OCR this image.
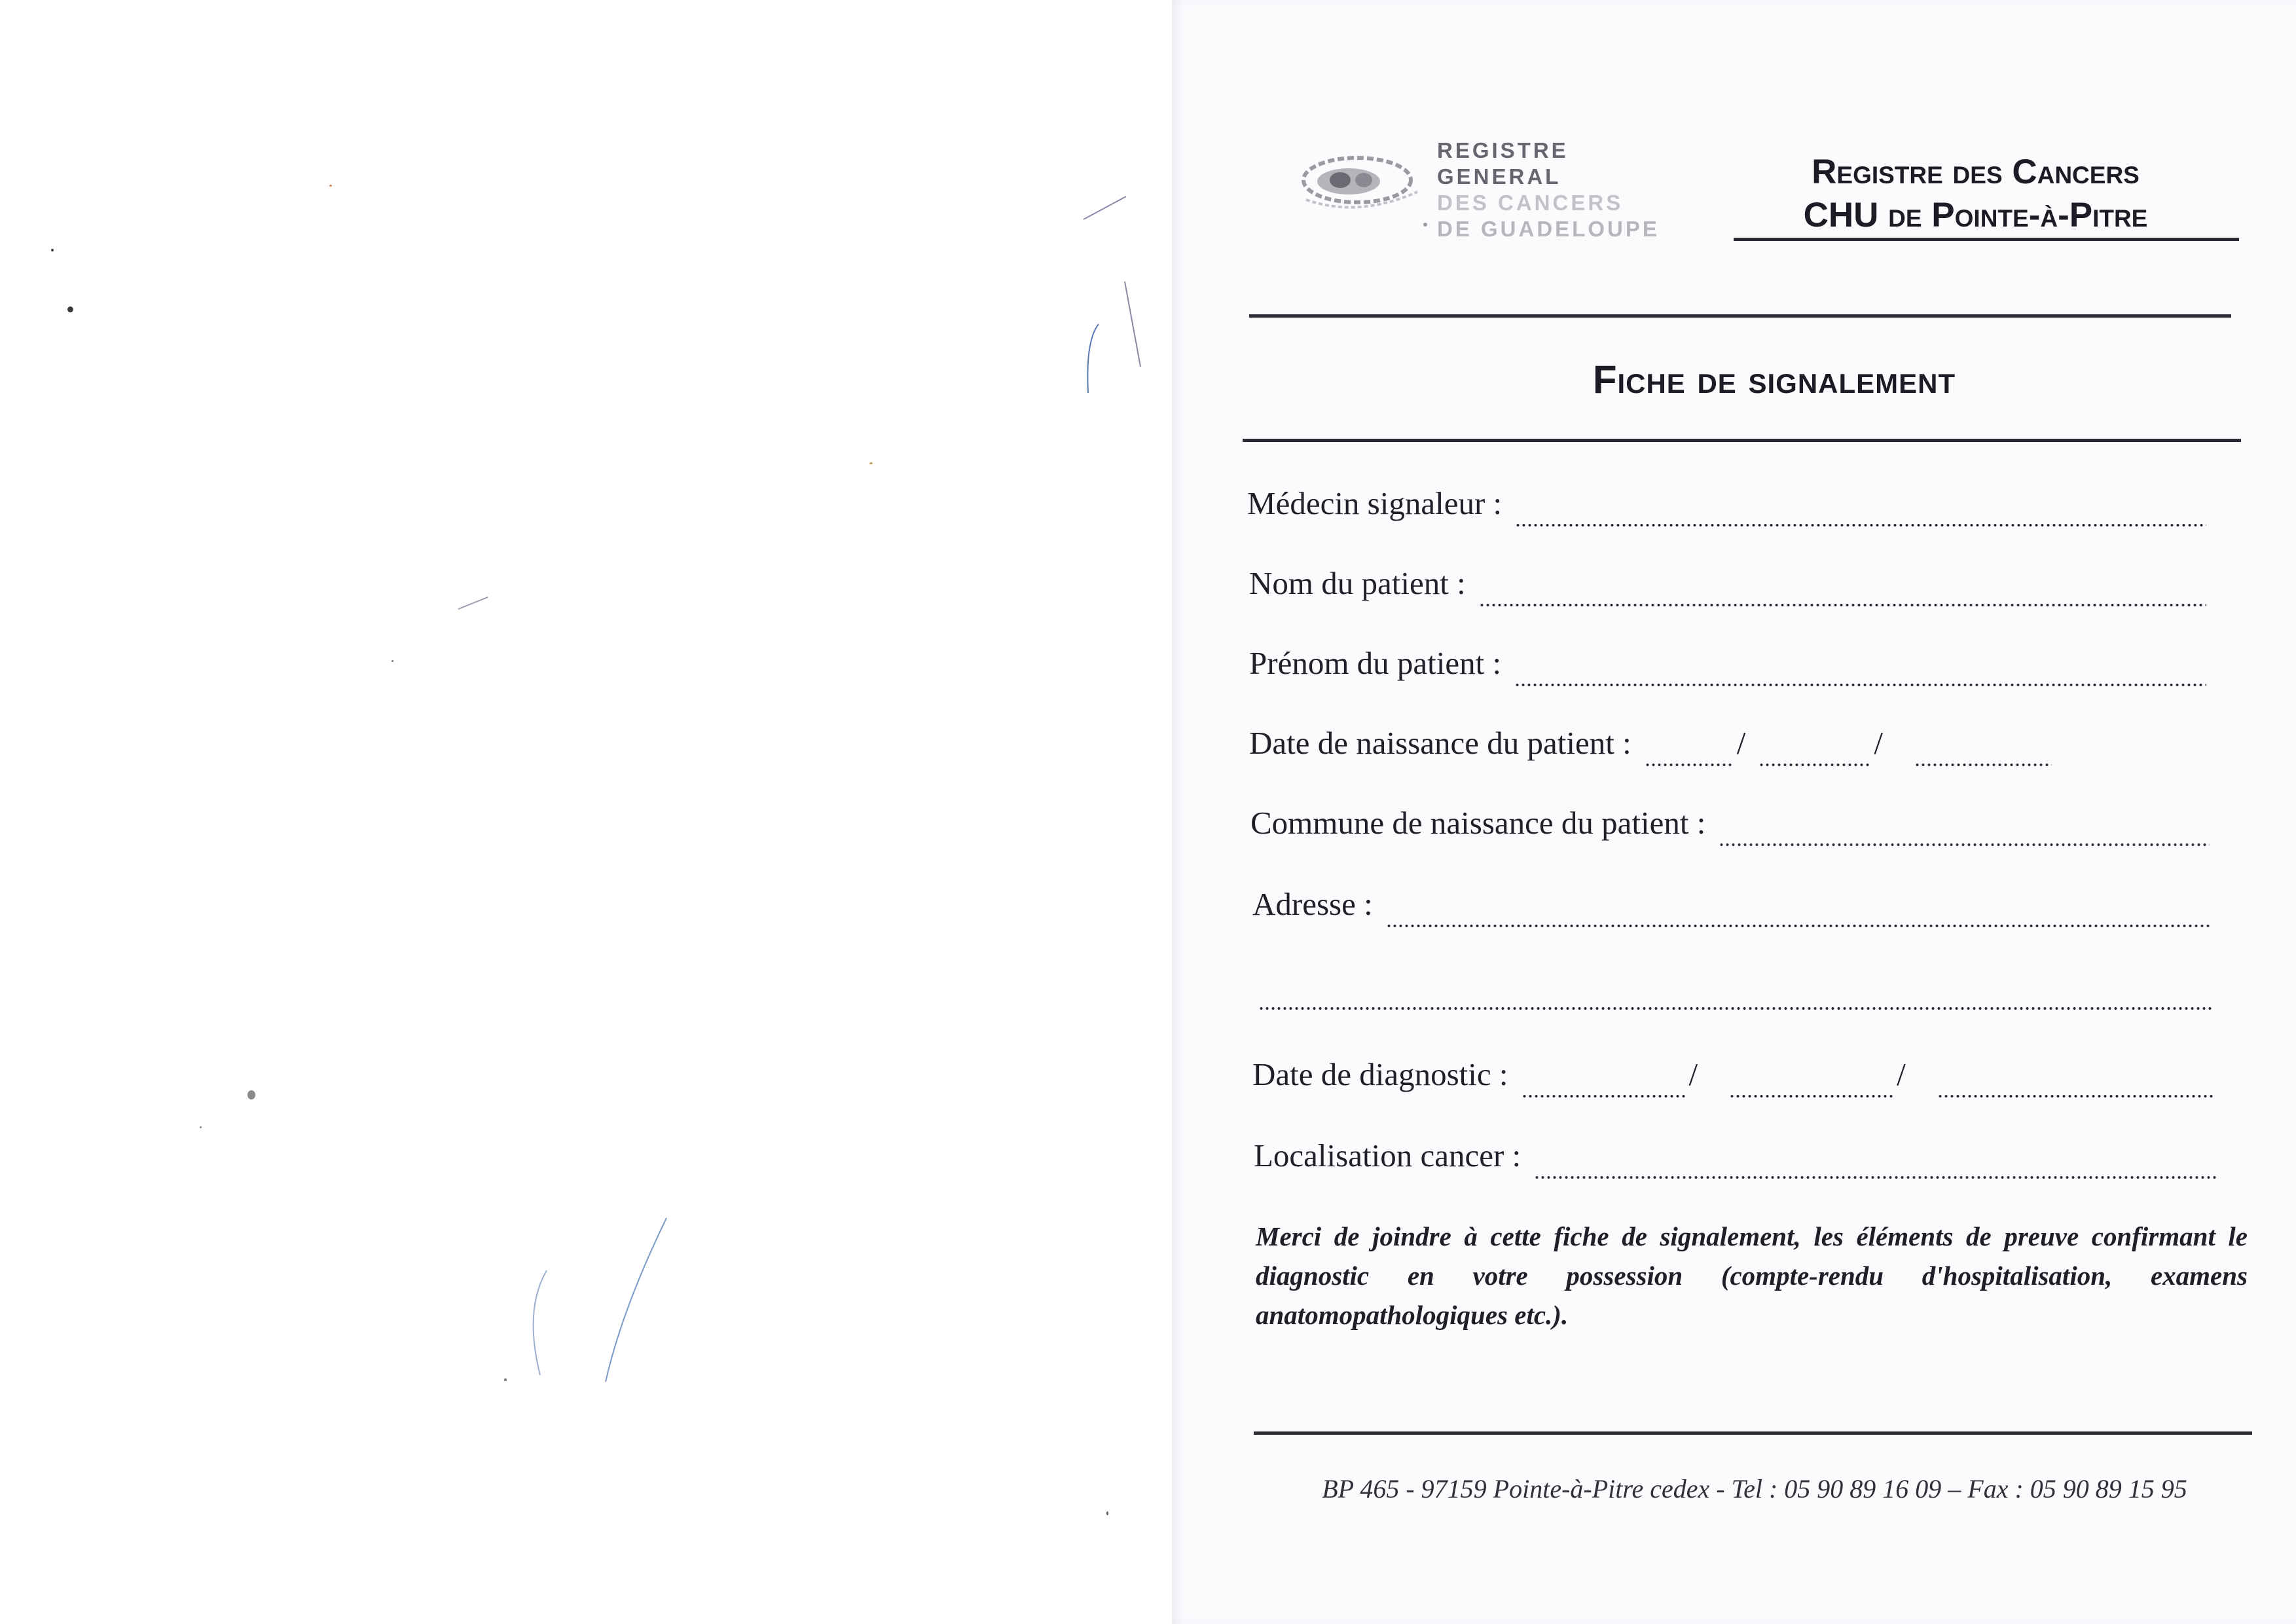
REGISTRE
GENERAL
DES CANCERS
DE GUADELOUPE
Registre des Cancers
CHU de Pointe-à-Pitre
Fiche de signalement
Médecin signaleur :
Nom du patient :
Prénom du patient :
Date de naissance du patient :	/	/
Commune de naissance du patient :
Adresse :
Date de diagnostic :	/	/
Localisation cancer :
Merci de joindre à cette fiche de signalement, les éléments de preuve confirmant le diagnostic en votre possession (compte-rendu d'hospitalisation, examens anatomopathologiques etc.).
BP 465 - 97159 Pointe-à-Pitre cedex - Tel : 05 90 89 16 09 – Fax : 05 90 89 15 95
